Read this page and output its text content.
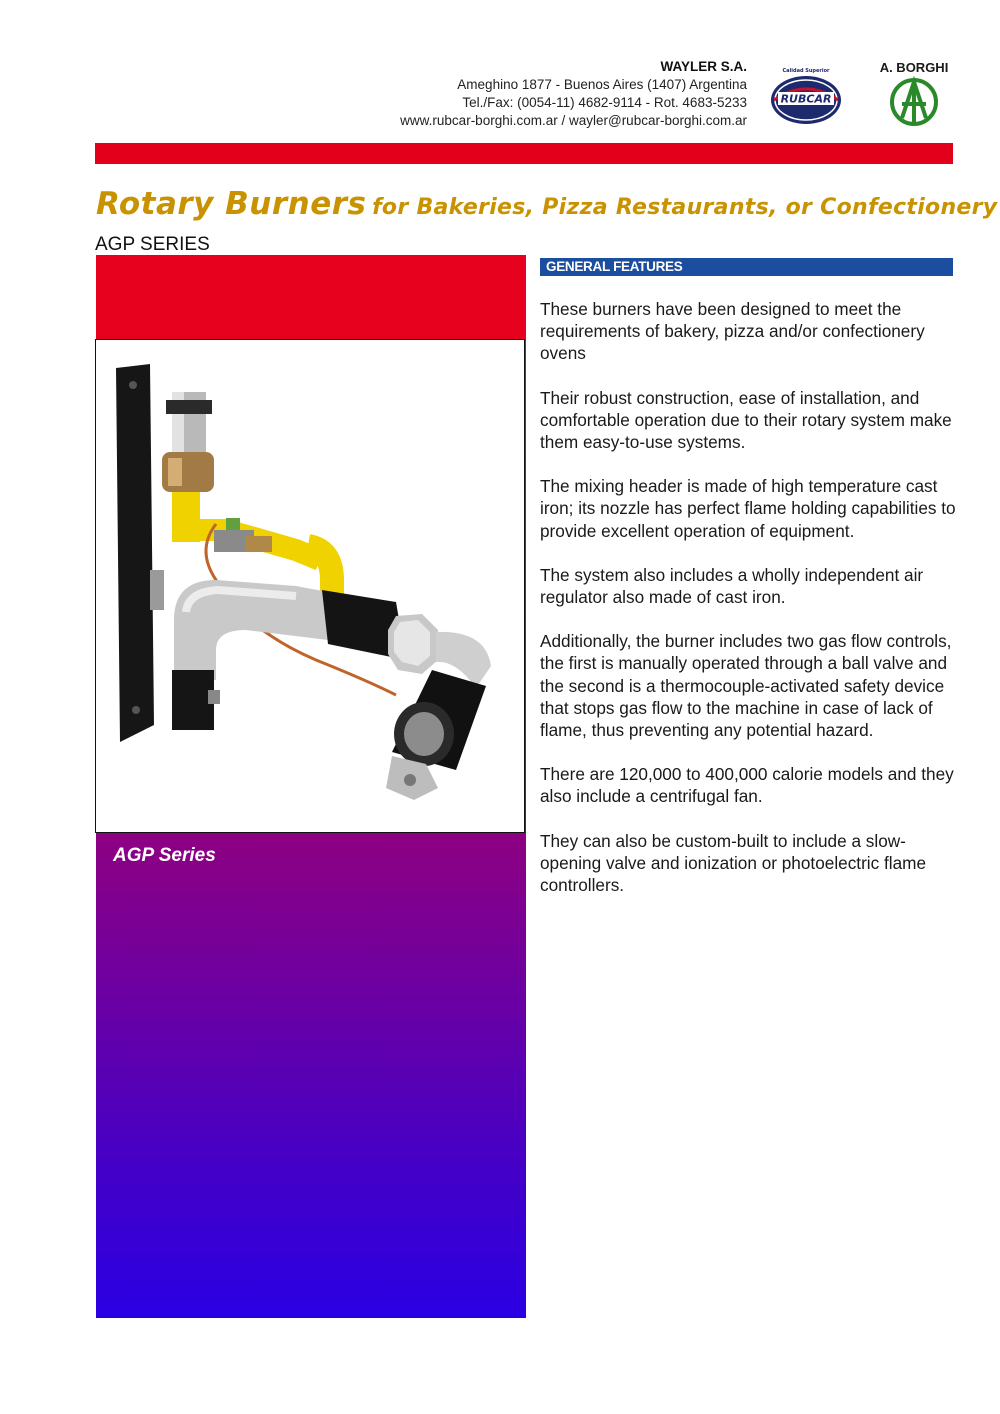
WAYLER S.A.
Ameghino 1877 - Buenos Aires (1407) Argentina
Tel./Fax: (0054-11) 4682-9114 - Rot. 4683-5233
www.rubcar-borghi.com.ar / wayler@rubcar-borghi.com.ar
RUBCAR
Calidad Superior	A. BORGHI
Rotary Burners for Bakeries, Pizza Restaurants, or Confectionery
AGP SERIES
AGP Series
GENERAL FEATURES

These burners have been designed to meet the requirements of bakery, pizza and/or confectionery ovens

Their robust construction, ease of installation, and comfortable operation due to their rotary system make them easy-to-use systems.

The mixing header is made of high temperature cast iron; its nozzle has perfect flame holding capabilities to provide excellent operation of equipment.

The system also includes a wholly independent air regulator also made of cast iron.

Additionally, the burner includes two gas flow controls, the first is manually operated through a ball valve and the second is a thermocouple-activated safety device that stops gas flow to the machine in case of lack of flame, thus preventing any potential hazard.

There are 120,000 to 400,000 calorie models and they also include a centrifugal fan.

They can also be custom-built to include a slow-opening valve and ionization or photoelectric flame controllers.
